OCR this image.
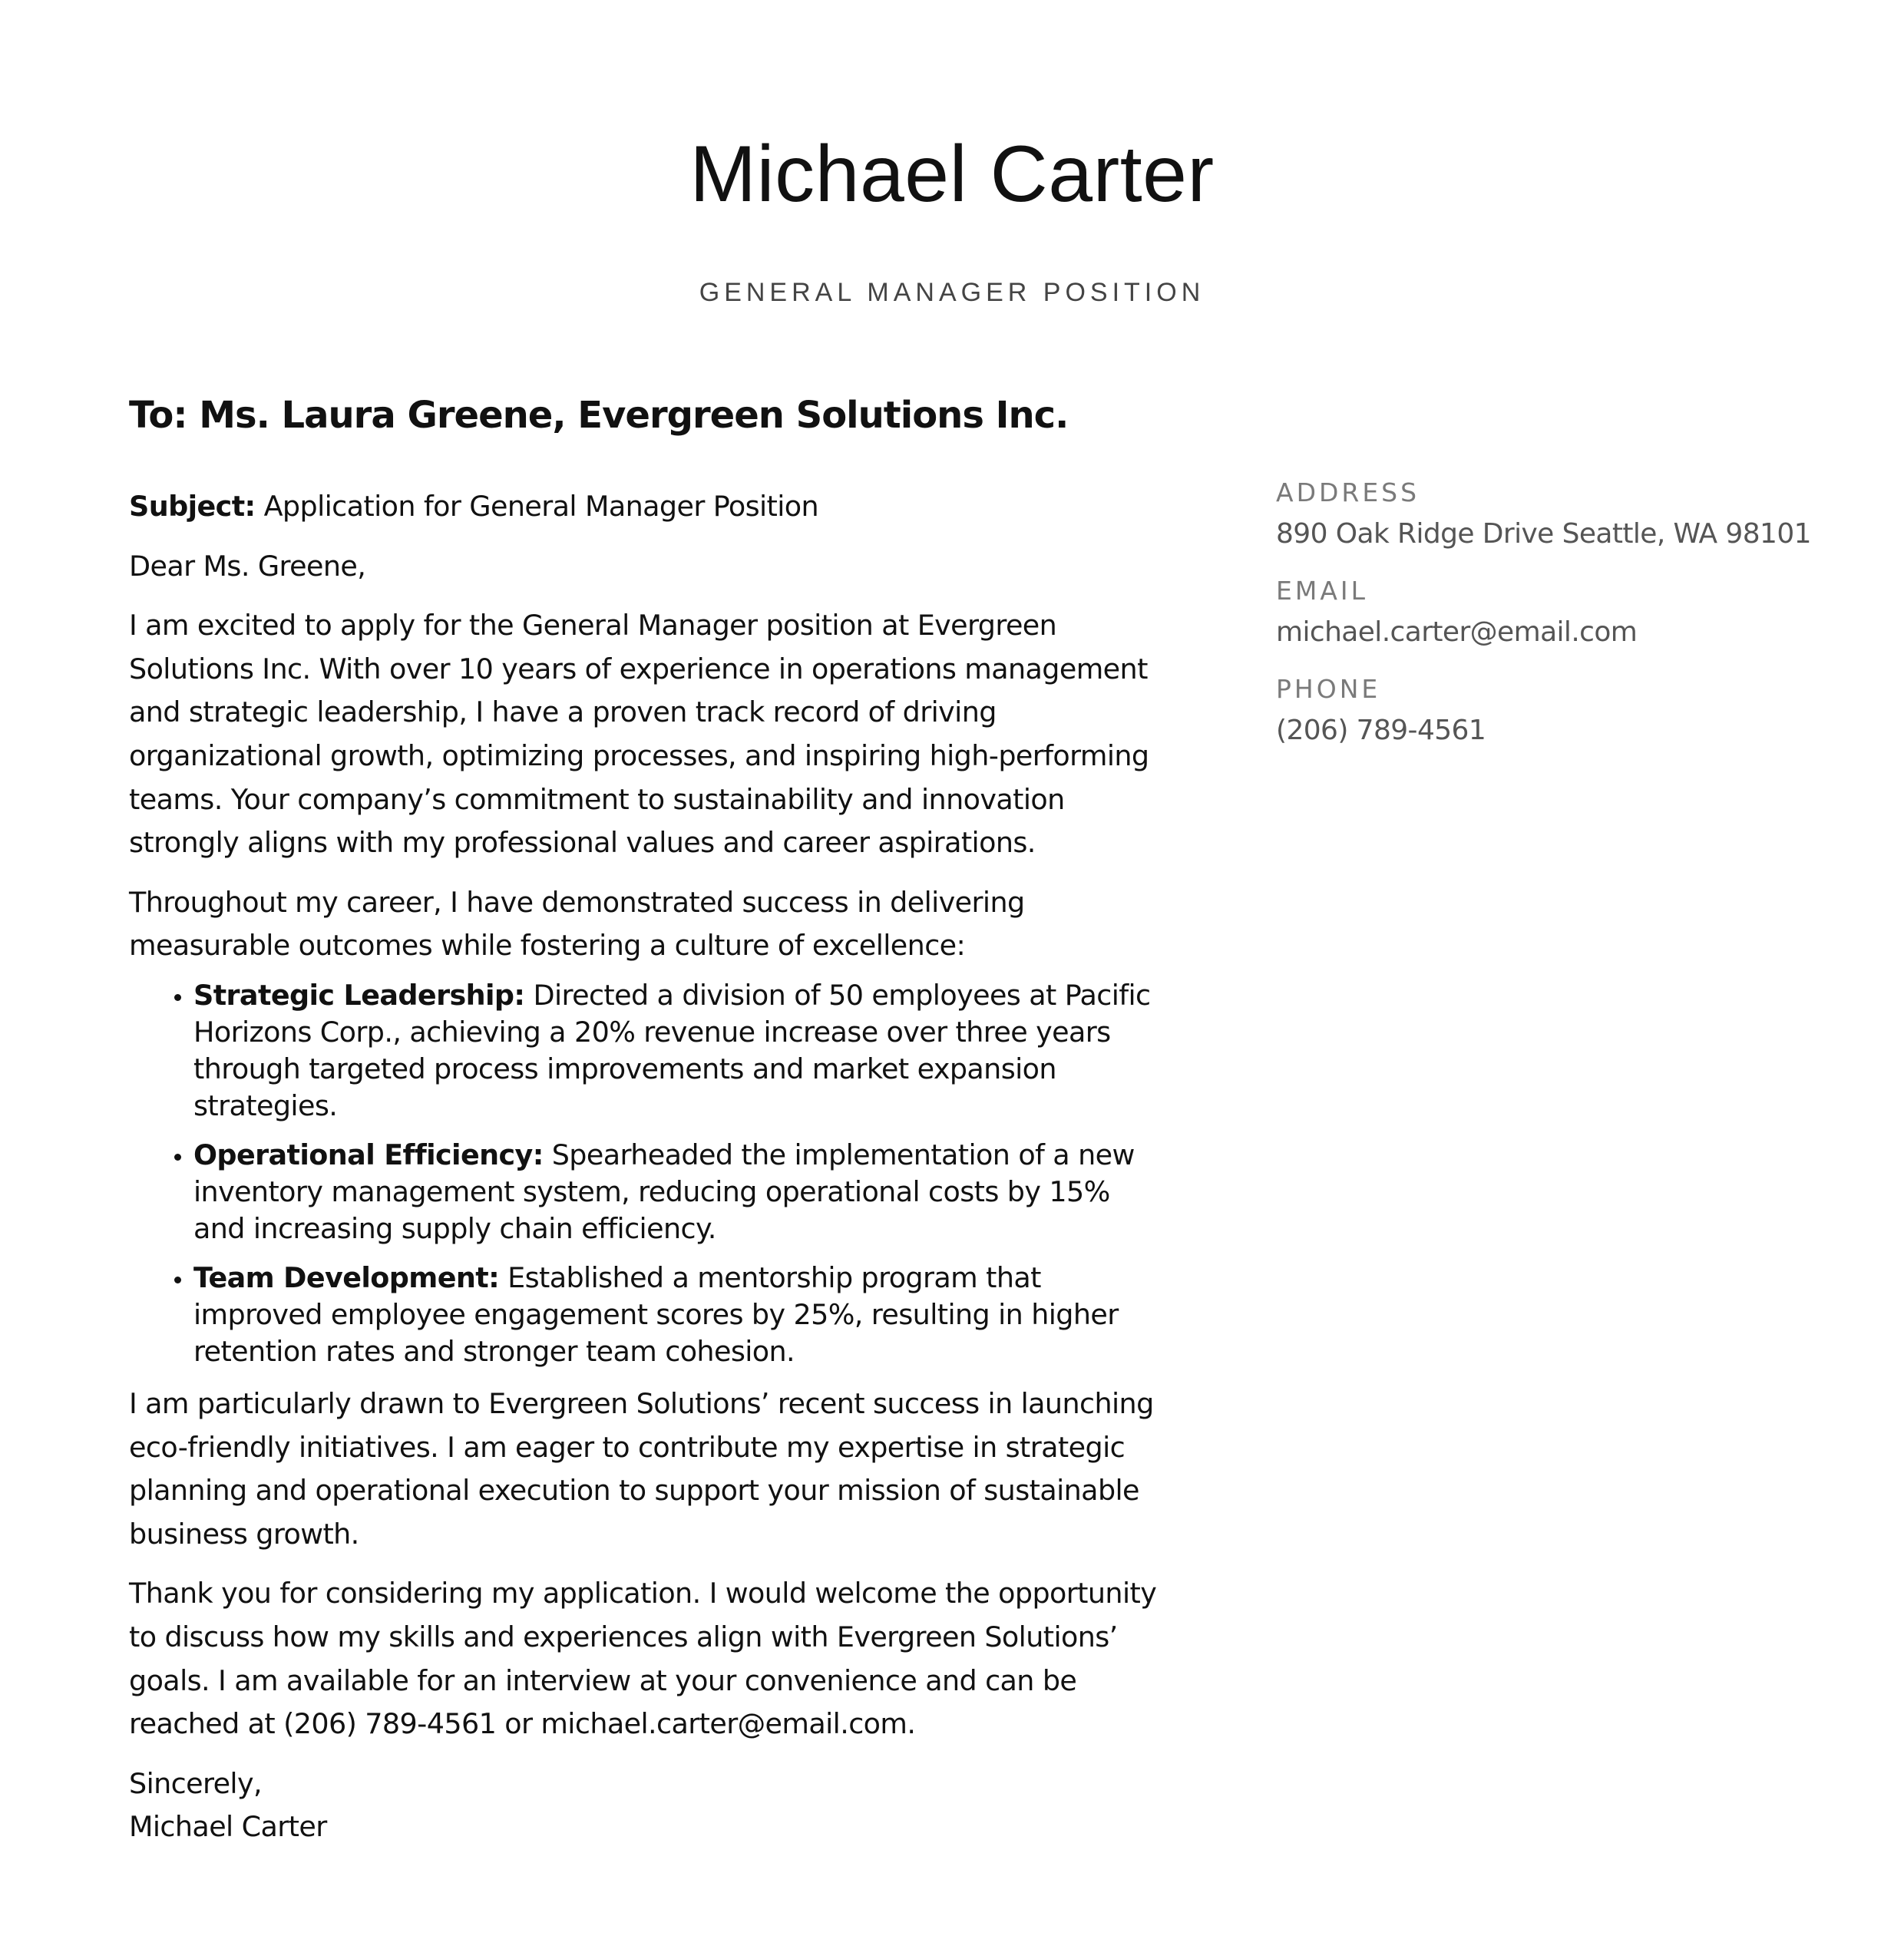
Michael Carter
GENERAL MANAGER POSITION
To: Ms. Laura Greene, Evergreen Solutions Inc.

Subject: Application for General Manager Position

Dear Ms. Greene,

I am excited to apply for the General Manager position at Evergreen Solutions Inc. With over 10 years of experience in operations management and strategic leadership, I have a proven track record of driving organizational growth, optimizing processes, and inspiring high-performing teams. Your company’s commitment to sustainability and innovation strongly aligns with my professional values and career aspirations.

Throughout my career, I have demonstrated success in delivering measurable outcomes while fostering a culture of excellence:

• Strategic Leadership: Directed a division of 50 employees at Pacific Horizons Corp., achieving a 20% revenue increase over three years through targeted process improvements and market expansion strategies.
• Operational Efficiency: Spearheaded the implementation of a new inventory management system, reducing operational costs by 15% and increasing supply chain efficiency.
• Team Development: Established a mentorship program that improved employee engagement scores by 25%, resulting in higher retention rates and stronger team cohesion.

I am particularly drawn to Evergreen Solutions’ recent success in launching eco-friendly initiatives. I am eager to contribute my expertise in strategic planning and operational execution to support your mission of sustainable business growth.

Thank you for considering my application. I would welcome the opportunity to discuss how my skills and experiences align with Evergreen Solutions’ goals. I am available for an interview at your convenience and can be reached at (206) 789-4561 or michael.carter@email.com.

Sincerely,

Michael Carter

ADDRESS
890 Oak Ridge Drive Seattle, WA 98101
EMAIL
michael.carter@email.com
PHONE
(206) 789-4561
